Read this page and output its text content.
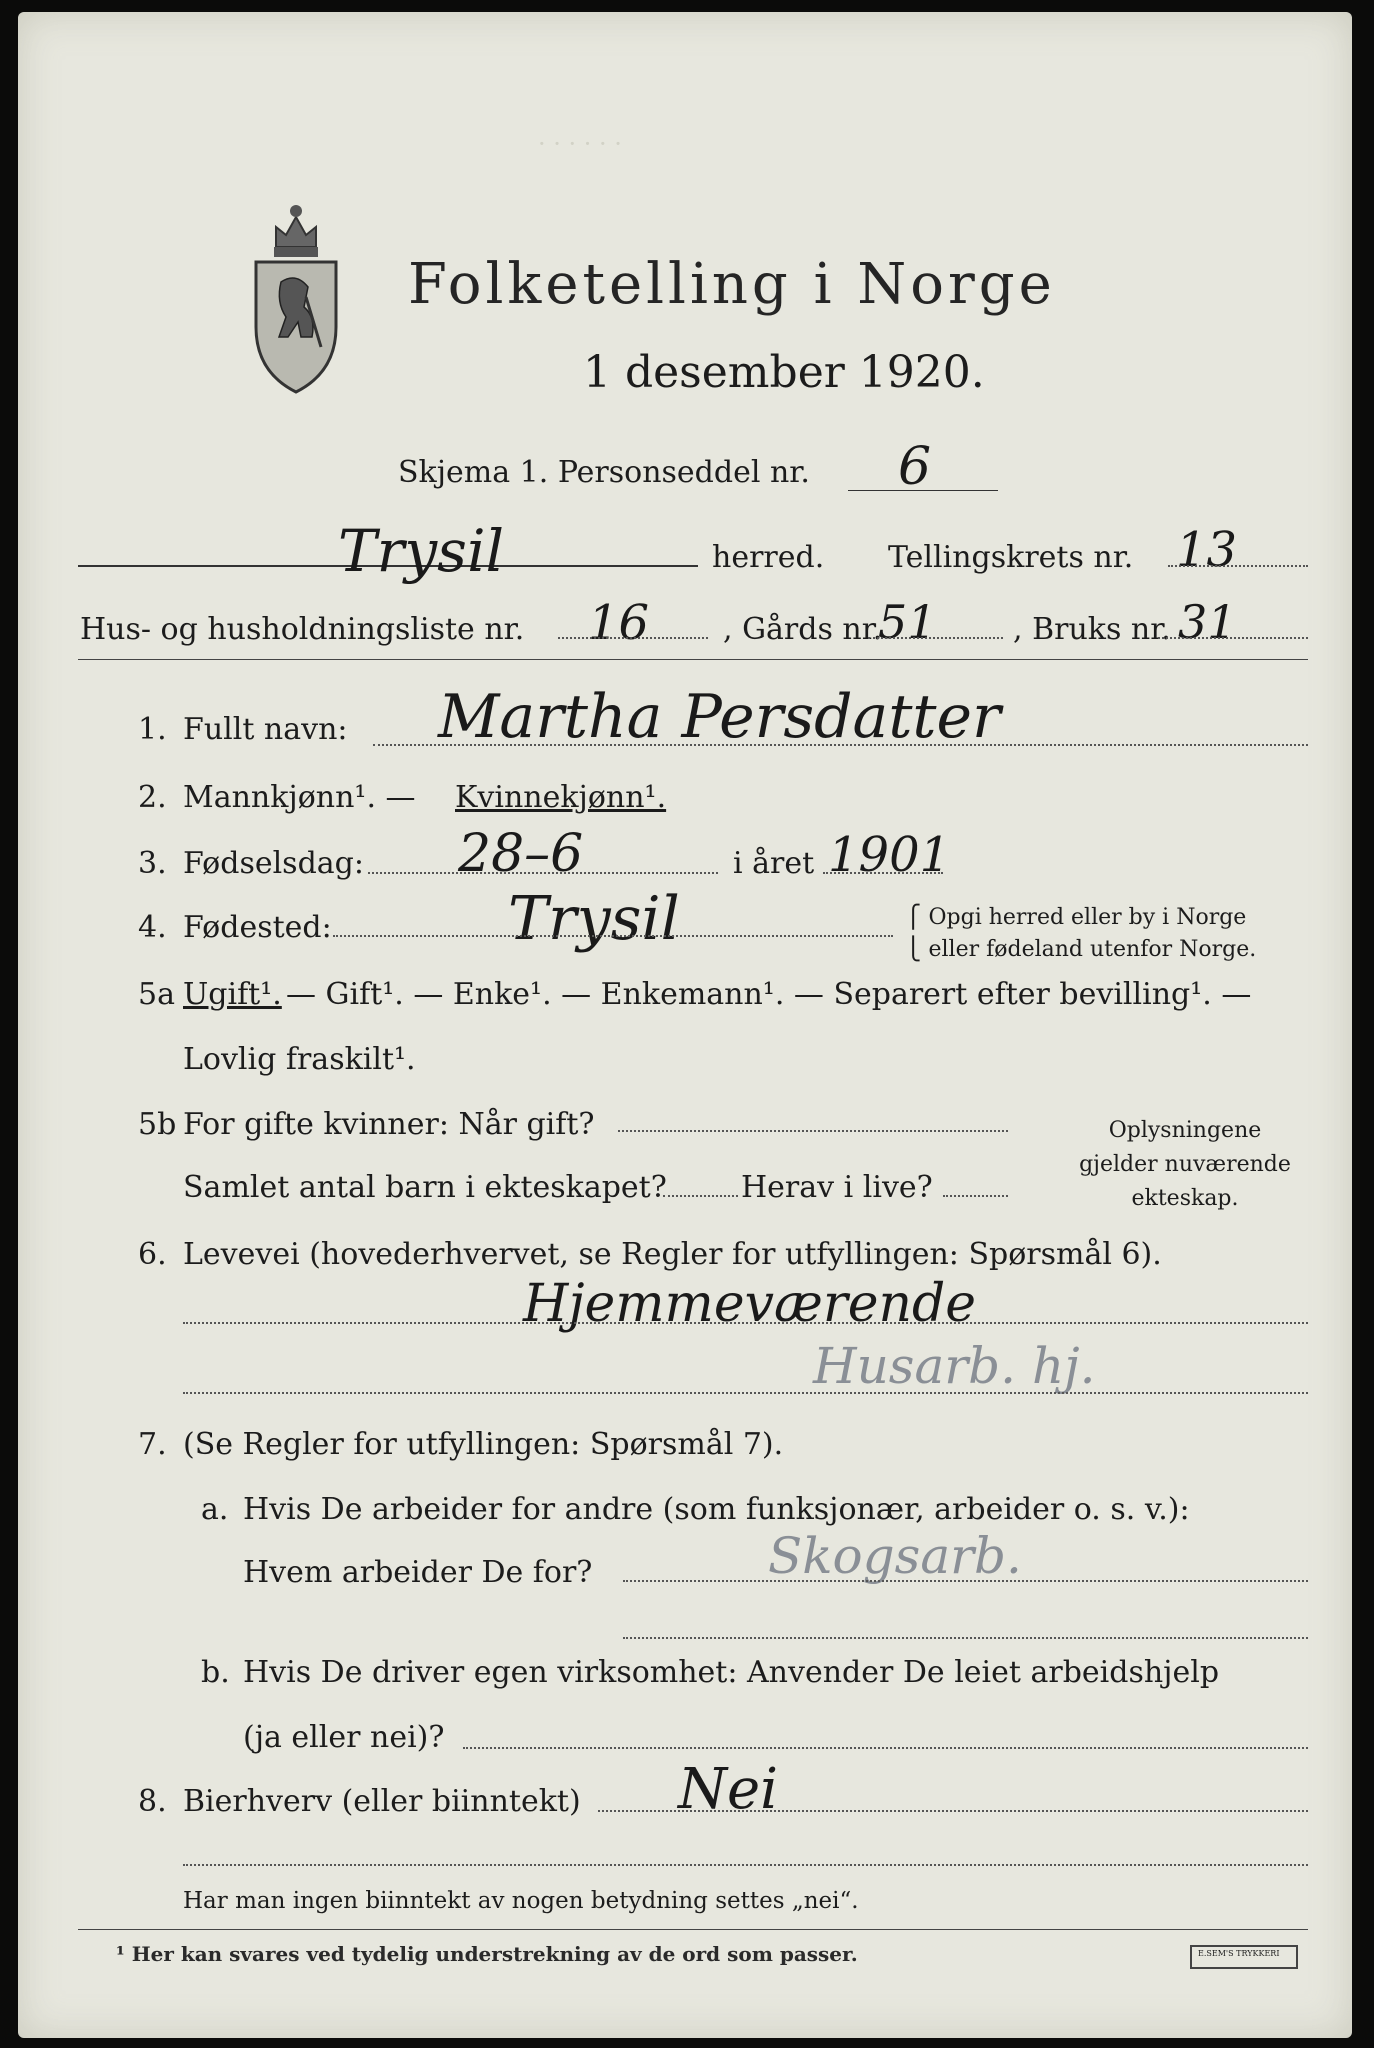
· · · · · ·
Folketelling i Norge
1 desember 1920.
Skjema 1. Personseddel nr. 6
Trysil	herred. Tellingskrets nr. 13
Hus- og husholdningsliste nr. 16 , Gårds nr.
51	, Bruks nr. 31
1. Fullt navn: Martha Persdatter
2. Mannkjønn¹. — Kvinnekjønn¹.
3. Fødselsdag: 28–6	i året 1901
4. Fødested:	Trysil	⎧ Opgi herred eller by i Norge
⎩ eller fødeland utenfor Norge.
5a Ugift¹. — Gift¹. — Enke¹. — Enkemann¹. — Separert efter bevilling¹. —
Lovlig fraskilt¹.
5b For gifte kvinner: Når gift?
Samlet antal barn i ekteskapet? Herav i live?
Oplysningene
gjelder nuværende
ekteskap.
6. Levevei (hovederhvervet, se Regler for utfyllingen: Spørsmål 6).
Hjemmeværende
Husarb. hj.
7. (Se Regler for utfyllingen: Spørsmål 7).
a. Hvis De arbeider for andre (som funksjonær, arbeider o. s. v.):
Hvem arbeider De for?	Skogsarb.
b. Hvis De driver egen virksomhet: Anvender De leiet arbeidshjelp
(ja eller nei)?
8. Bierhverv (eller biinntekt) Nei
Har man ingen biinntekt av nogen betydning settes „nei“.
¹ Her kan svares ved tydelig understrekning av de ord som passer.	E.SEM'S TRYKKERI
